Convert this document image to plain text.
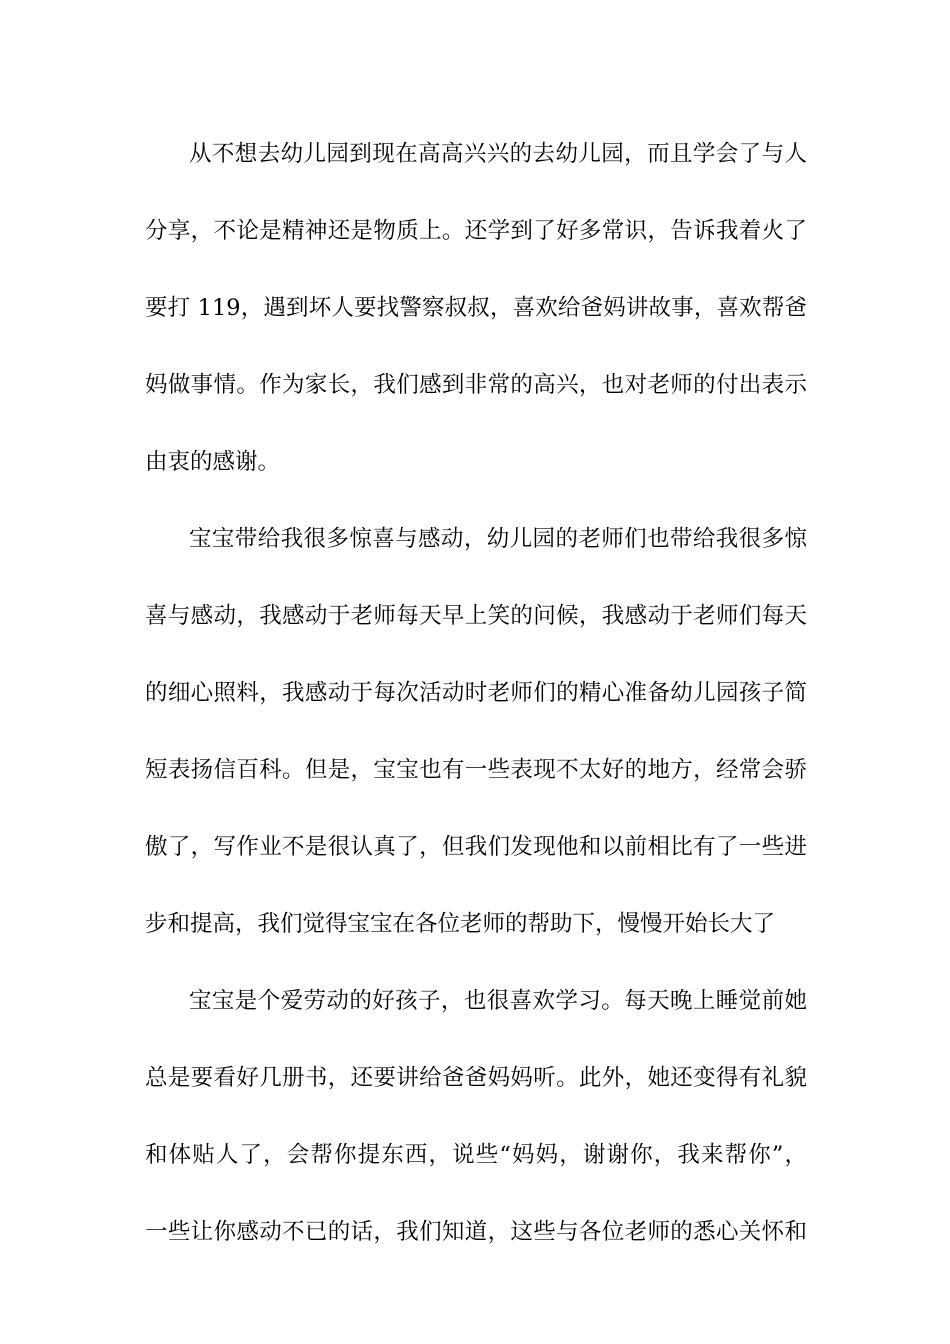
从不想去幼儿园到现在高高兴兴的去幼儿园，而且学会了与人
分享，不论是精神还是物质上。还学到了好多常识，告诉我着火了
要打 119，遇到坏人要找警察叔叔，喜欢给爸妈讲故事，喜欢帮爸
妈做事情。作为家长，我们感到非常的高兴，也对老师的付出表示
由衷的感谢。
宝宝带给我很多惊喜与感动，幼儿园的老师们也带给我很多惊
喜与感动，我感动于老师每天早上笑的问候，我感动于老师们每天
的细心照料，我感动于每次活动时老师们的精心准备幼儿园孩子简
短表扬信百科。但是，宝宝也有一些表现不太好的地方，经常会骄
傲了，写作业不是很认真了，但我们发现他和以前相比有了一些进
步和提高，我们觉得宝宝在各位老师的帮助下，慢慢开始长大了
宝宝是个爱劳动的好孩子，也很喜欢学习。每天晚上睡觉前她
总是要看好几册书，还要讲给爸爸妈妈听。此外，她还变得有礼貌
和体贴人了，会帮你提东西，说些“妈妈，谢谢你，我来帮你”，
一些让你感动不已的话，我们知道，这些与各位老师的悉心关怀和
